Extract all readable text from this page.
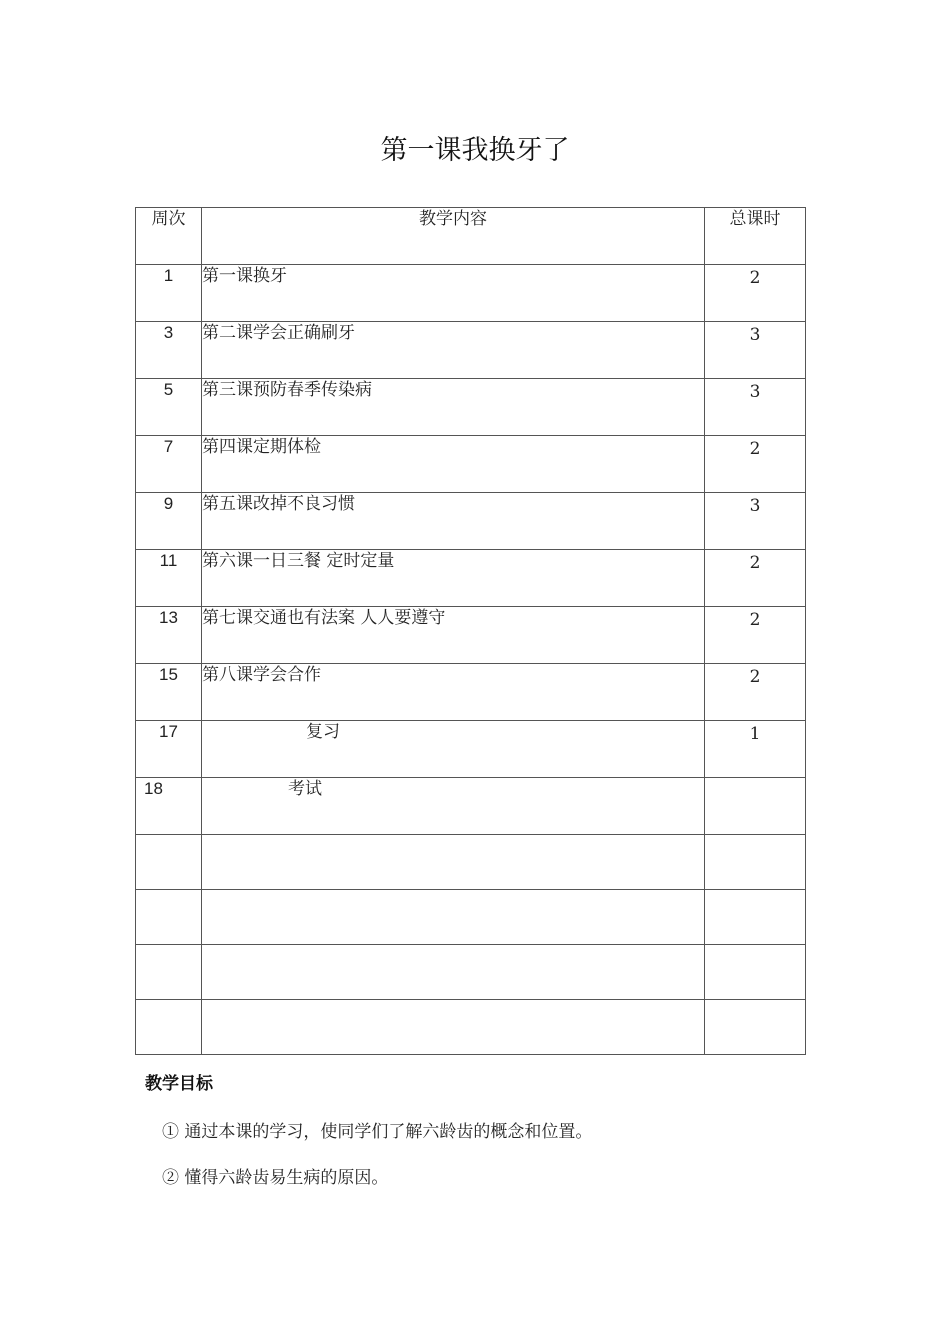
第一课我换牙了
周次	教学内容	总课时
1	第一课换牙	2
3	第二课学会正确刷牙	3
5	第三课预防春季传染病	3
7	第四课定期体检	2
9	第五课改掉不良习惯	3
11	第六课一日三餐 定时定量	2
13	第七课交通也有法案 人人要遵守	2
15	第八课学会合作	2
17	复习	1
18	考试	

教学目标
① 通过本课的学习，使同学们了解六龄齿的概念和位置。
② 懂得六龄齿易生病的原因。
